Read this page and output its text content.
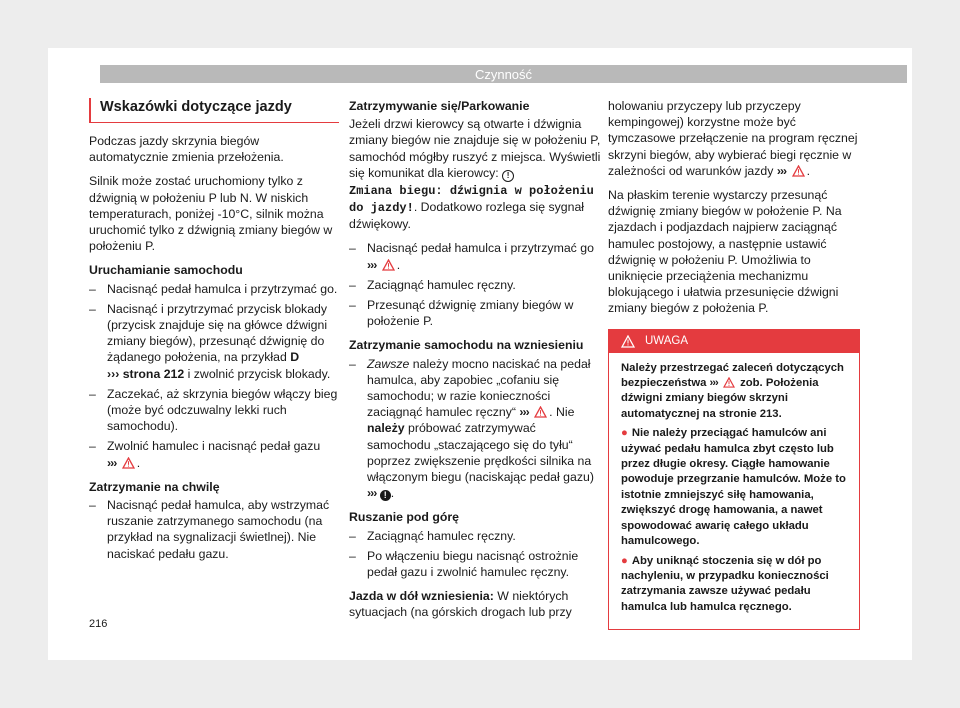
Czynność
Wskazówki dotyczące jazdy

Podczas jazdy skrzynia biegów automatycznie zmienia przełożenia.

Silnik może zostać uruchomiony tylko z dźwignią w położeniu P lub N. W niskich temperaturach, poniżej -10°C, silnik można uruchomić tylko z dźwignią zmiany biegów w położeniu P.

Uruchamianie samochodu

– Nacisnąć pedał hamulca i przytrzymać go.
– Nacisnąć i przytrzymać przycisk blokady (przycisk znajduje się na główce dźwigni zmiany biegów), przesunąć dźwignię do żądanego położenia, na przykład D
››› strona 212 i zwolnić przycisk blokady.
– Zaczekać, aż skrzynia biegów włączy bieg (może być odczuwalny lekki ruch samochodu).
– Zwolnić hamulec i nacisnąć pedał gazu
››› .

Zatrzymanie na chwilę

– Nacisnąć pedał hamulca, aby wstrzymać ruszanie zatrzymanego samochodu (na przykład na sygnalizacji świetlnej). Nie naciskać pedału gazu.

Zatrzymywanie się/Parkowanie

Jeżeli drzwi kierowcy są otwarte i dźwignia zmiany biegów nie znajduje się w położeniu P, samochód mógłby ruszyć z miejsca. Wyświetli się komunikat dla kierowcy: !
Zmiana biegu: dźwignia w położeniu do jazdy!. Dodatkowo rozlega się sygnał dźwiękowy.

– Nacisnąć pedał hamulca i przytrzymać go ››› .
– Zaciągnąć hamulec ręczny.
– Przesunąć dźwignię zmiany biegów w położenie P.

Zatrzymanie samochodu na wzniesieniu

– Zawsze należy mocno naciskać na pedał hamulca, aby zapobiec „cofaniu się samochodu; w razie konieczności zaciągnąć hamulec ręczny“ ››› . Nie należy próbować zatrzymywać samochodu „staczającego się do tyłu“ poprzez zwiększenie prędkości silnika na włączonym biegu (naciskając pedał gazu) ››› ! .

Ruszanie pod górę

– Zaciągnąć hamulec ręczny.
– Po włączeniu biegu nacisnąć ostrożnie pedał gazu i zwolnić hamulec ręczny.

Jazda w dół wzniesienia: W niektórych sytuacjach (na górskich drogach lub przy

holowaniu przyczepy lub przyczepy kempingowej) korzystne może być tymczasowe przełączenie na program ręcznej skrzyni biegów, aby wybierać biegi ręcznie w zależności od warunków jazdy ››› .

Na płaskim terenie wystarczy przesunąć dźwignię zmiany biegów w położenie P. Na zjazdach i podjazdach najpierw zaciągnąć hamulec postojowy, a następnie ustawić dźwignię w położeniu P. Umożliwia to uniknięcie przeciążenia mechanizmu blokującego i ułatwia przesunięcie dźwigni zmiany biegów z położenia P.

UWAGA

Należy przestrzegać zaleceń dotyczących bezpieczeństwa ›››  zob. Położenia dźwigni zmiany biegów skrzyni automatycznej na stronie 213.

● Nie należy przeciągać hamulców ani używać pedału hamulca zbyt często lub przez długie okresy. Ciągłe hamowanie powoduje przegrzanie hamulców. Może to istotnie zmniejszyć siłę hamowania, zwiększyć drogę hamowania, a nawet spowodować awarię całego układu hamulcowego.
● Aby uniknąć stoczenia się w dół po nachyleniu, w przypadku konieczności zatrzymania zawsze używać pedału hamulca lub hamulca ręcznego.
216
